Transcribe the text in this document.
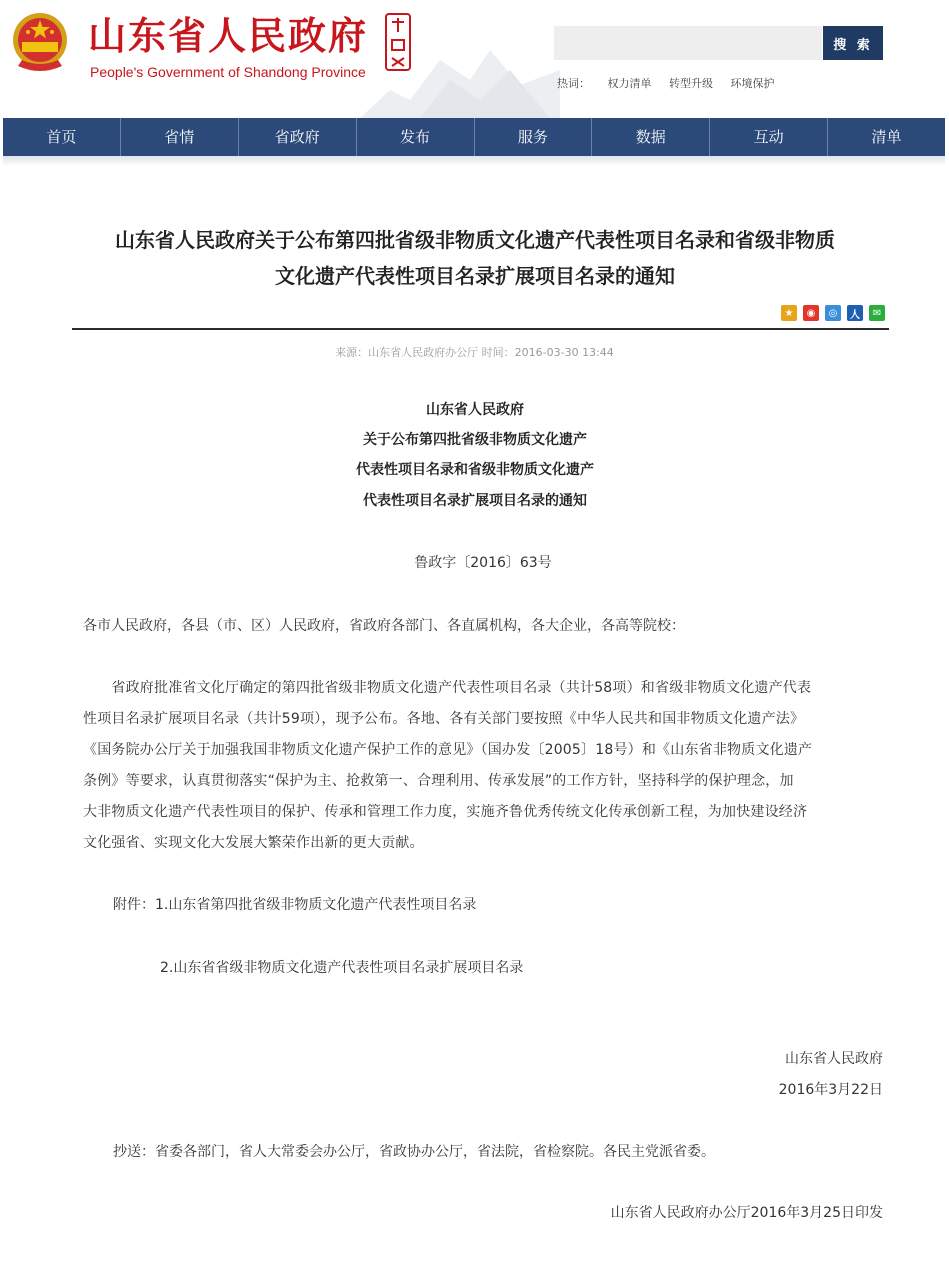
山东省人民政府
People's Government of Shandong Province
搜 索
热词： 权力清单 转型升级 环境保护
首页	省情	省政府	发布	服务	数据	互动	清单
山东省人民政府关于公布第四批省级非物质文化遗产代表性项目名录和省级非物质
文化遗产代表性项目名录扩展项目名录的通知
★	◉	◎	人	✉
来源：山东省人民政府办公厅 时间：2016-03-30 13:44
山东省人民政府
关于公布第四批省级非物质文化遗产
代表性项目名录和省级非物质文化遗产
代表性项目名录扩展项目名录的通知
鲁政字〔2016〕63号
各市人民政府，各县（市、区）人民政府，省政府各部门、各直属机构，各大企业，各高等院校：
　　省政府批准省文化厅确定的第四批省级非物质文化遗产代表性项目名录（共计58项）和省级非物质文化遗产代表
性项目名录扩展项目名录（共计59项），现予公布。各地、各有关部门要按照《中华人民共和国非物质文化遗产法》
《国务院办公厅关于加强我国非物质文化遗产保护工作的意见》（国办发〔2005〕18号）和《山东省非物质文化遗产
条例》等要求，认真贯彻落实“保护为主、抢救第一、合理利用、传承发展”的工作方针，坚持科学的保护理念，加
大非物质文化遗产代表性项目的保护、传承和管理工作力度，实施齐鲁优秀传统文化传承创新工程，为加快建设经济
文化强省、实现文化大发展大繁荣作出新的更大贡献。
附件：1.山东省第四批省级非物质文化遗产代表性项目名录
2.山东省省级非物质文化遗产代表性项目名录扩展项目名录
山东省人民政府
2016年3月22日
抄送：省委各部门，省人大常委会办公厅，省政协办公厅，省法院，省检察院。各民主党派省委。
山东省人民政府办公厅2016年3月25日印发
